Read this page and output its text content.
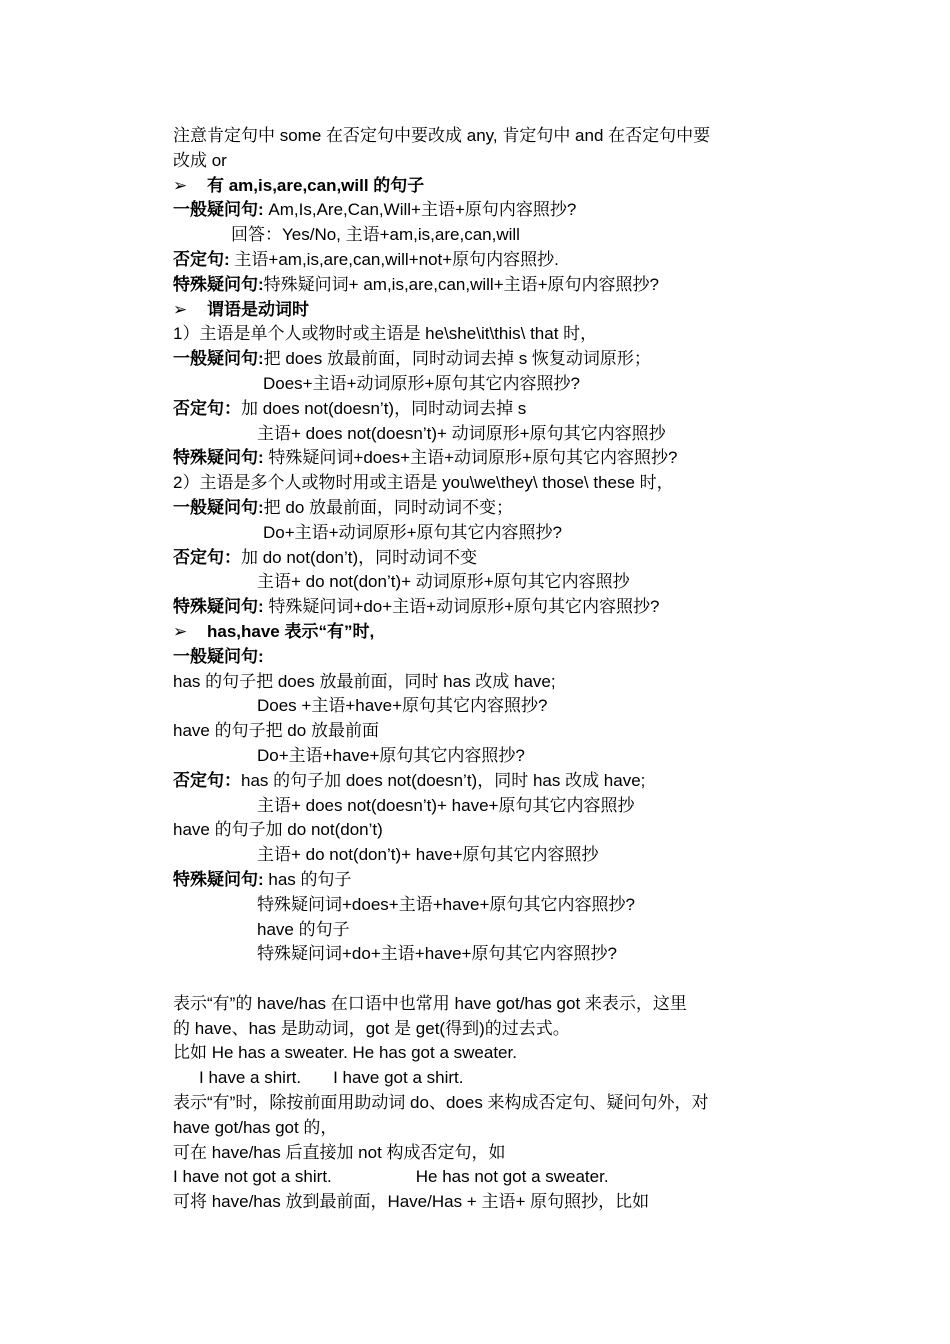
注意肯定句中 some 在否定句中要改成 any, 肯定句中 and 在否定句中要
改成 or
➢ 有 am,is,are,can,will 的句子
一般疑问句: Am,Is,Are,Can,Will+主语+原句内容照抄?
回答：Yes/No, 主语+am,is,are,can,will
否定句: 主语+am,is,are,can,will+not+原句内容照抄.
特殊疑问句:特殊疑问词+ am,is,are,can,will+主语+原句内容照抄?
➢ 谓语是动词时
1）主语是单个人或物时或主语是 he\she\it\this\ that 时，
一般疑问句:把 does 放最前面，同时动词去掉 s 恢复动词原形；
Does+主语+动词原形+原句其它内容照抄?
否定句：加 does not(doesn’t)，同时动词去掉 s
主语+ does not(doesn’t)+ 动词原形+原句其它内容照抄
特殊疑问句: 特殊疑问词+does+主语+动词原形+原句其它内容照抄?
2）主语是多个人或物时用或主语是 you\we\they\ those\ these 时，
一般疑问句:把 do 放最前面，同时动词不变；
Do+主语+动词原形+原句其它内容照抄?
否定句：加 do not(don’t)，同时动词不变
主语+ do not(don’t)+ 动词原形+原句其它内容照抄
特殊疑问句: 特殊疑问词+do+主语+动词原形+原句其它内容照抄?
➢ has,have 表示“有”时,
一般疑问句:
has 的句子把 does 放最前面，同时 has 改成 have;
Does +主语+have+原句其它内容照抄?
have 的句子把 do 放最前面
Do+主语+have+原句其它内容照抄?
否定句：has 的句子加 does not(doesn’t)，同时 has 改成 have;
主语+ does not(doesn’t)+ have+原句其它内容照抄
have 的句子加 do not(don’t)
主语+ do not(don’t)+ have+原句其它内容照抄
特殊疑问句: has 的句子
特殊疑问词+does+主语+have+原句其它内容照抄?
have 的句子
特殊疑问词+do+主语+have+原句其它内容照抄?
表示“有”的 have/has 在口语中也常用 have got/has got 来表示，这里
的 have、has 是助动词，got 是 get(得到)的过去式。
比如 He has a sweater. He has got a sweater.
I have a shirt. I have got a shirt.
表示“有”时，除按前面用助动词 do、does 来构成否定句、疑问句外，对
have got/has got 的，
可在 have/has 后直接加 not 构成否定句，如
I have not got a shirt.	He has not got a sweater.
可将 have/has 放到最前面，Have/Has + 主语+ 原句照抄，比如
